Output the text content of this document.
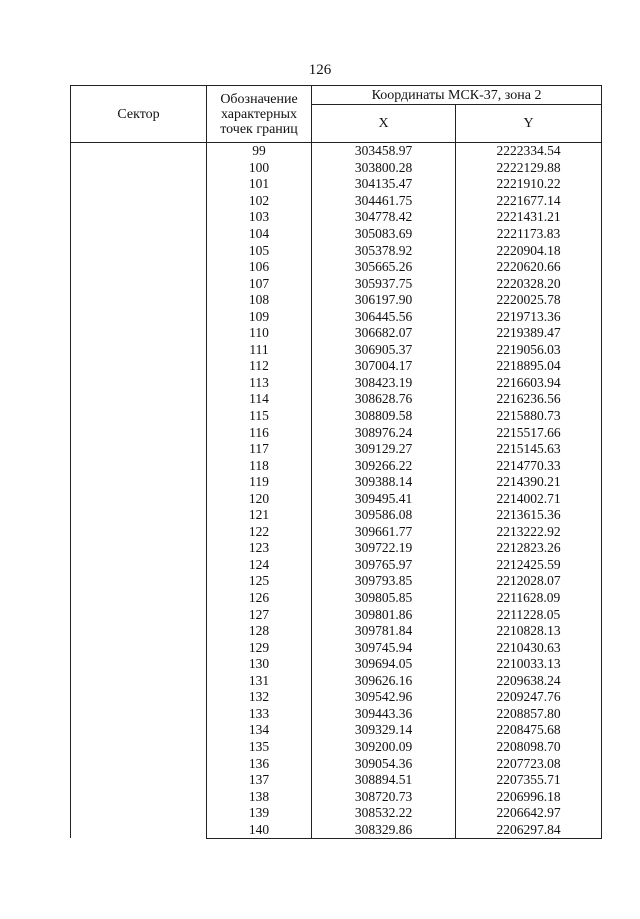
126
Сектор	Обозначение характерных точек границ	Координаты МСК-37, зона 2	
		X	Y
	99	303458.97	2222334.54
	100	303800.28	2222129.88
	101	304135.47	2221910.22
	102	304461.75	2221677.14
	103	304778.42	2221431.21
	104	305083.69	2221173.83
	105	305378.92	2220904.18
	106	305665.26	2220620.66
	107	305937.75	2220328.20
	108	306197.90	2220025.78
	109	306445.56	2219713.36
	110	306682.07	2219389.47
	111	306905.37	2219056.03
	112	307004.17	2218895.04
	113	308423.19	2216603.94
	114	308628.76	2216236.56
	115	308809.58	2215880.73
	116	308976.24	2215517.66
	117	309129.27	2215145.63
	118	309266.22	2214770.33
	119	309388.14	2214390.21
	120	309495.41	2214002.71
	121	309586.08	2213615.36
	122	309661.77	2213222.92
	123	309722.19	2212823.26
	124	309765.97	2212425.59
	125	309793.85	2212028.07
	126	309805.85	2211628.09
	127	309801.86	2211228.05
	128	309781.84	2210828.13
	129	309745.94	2210430.63
	130	309694.05	2210033.13
	131	309626.16	2209638.24
	132	309542.96	2209247.76
	133	309443.36	2208857.80
	134	309329.14	2208475.68
	135	309200.09	2208098.70
	136	309054.36	2207723.08
	137	308894.51	2207355.71
	138	308720.73	2206996.18
	139	308532.22	2206642.97
	140	308329.86	2206297.84
